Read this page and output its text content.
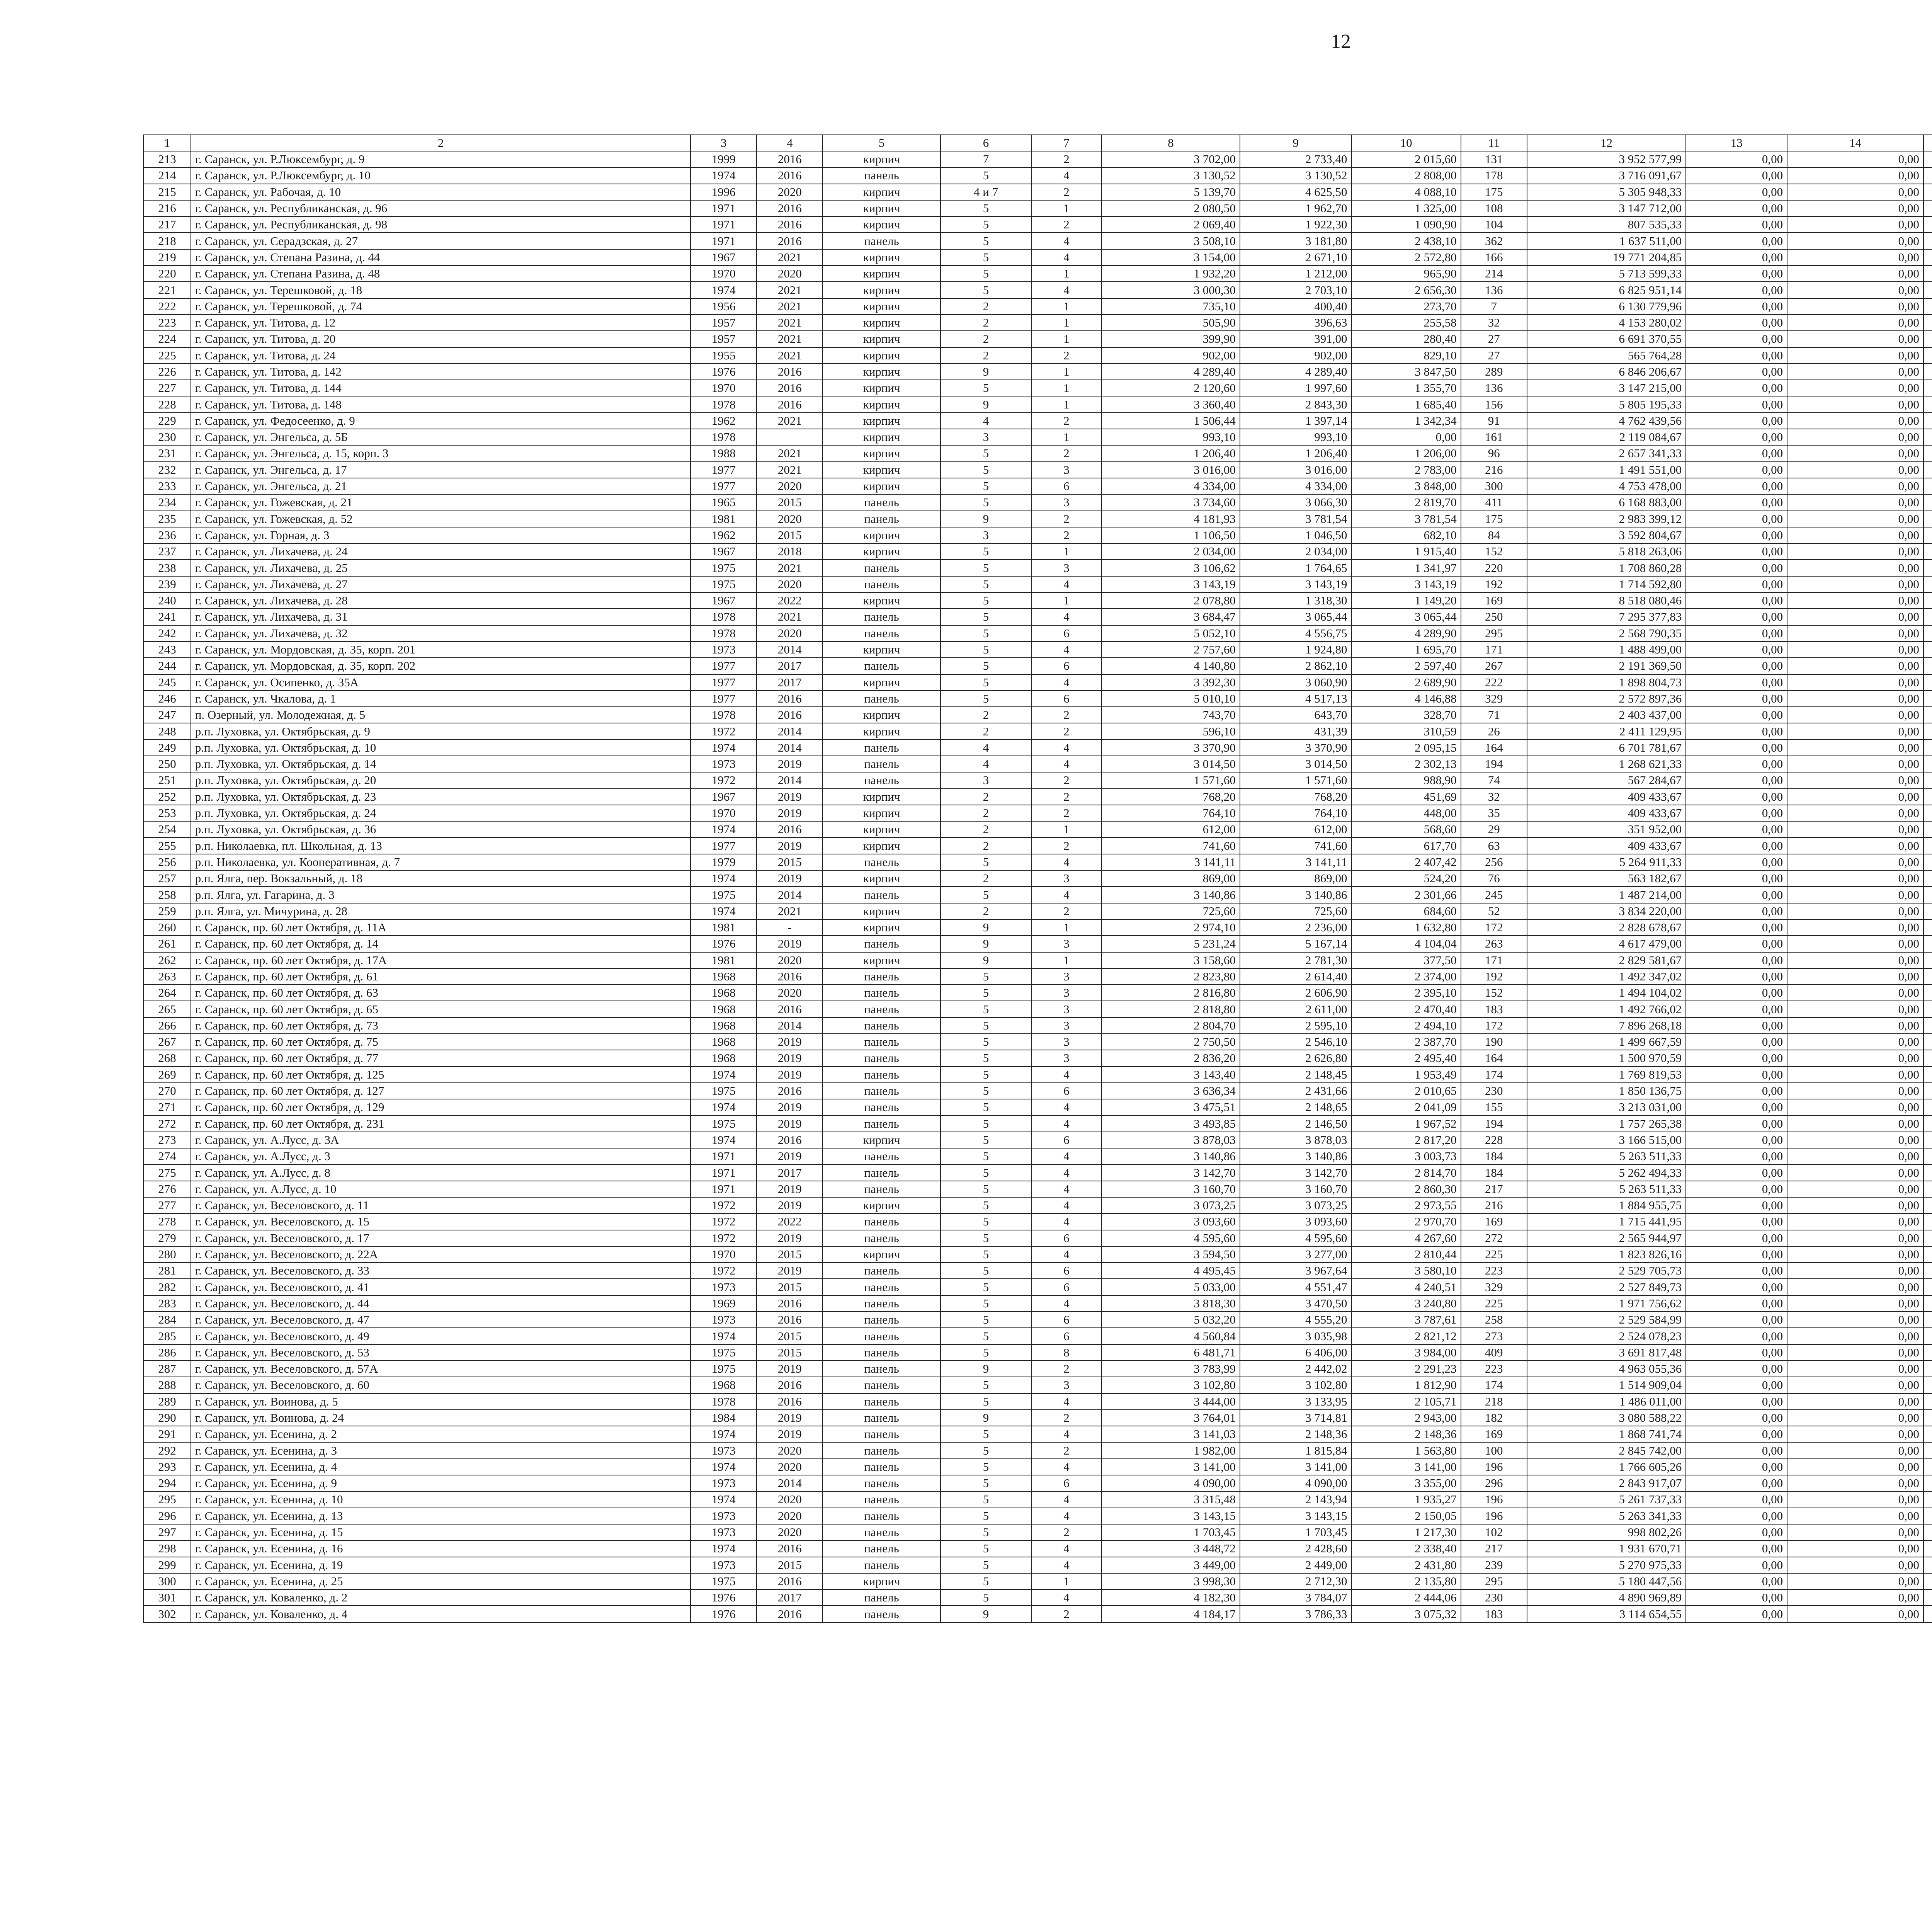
12
1	2	3	4	5	6	7	8	9	10	11	12	13	14					
213	г. Саранск, ул. Р.Люксембург, д. 9	1999	2016	кирпич	7	2	3 702,00	2 733,40	2 015,60	131	3 952 577,99	0,00	0,00					
214	г. Саранск, ул. Р.Люксембург, д. 10	1974	2016	панель	5	4	3 130,52	3 130,52	2 808,00	178	3 716 091,67	0,00	0,00					
215	г. Саранск, ул. Рабочая, д. 10	1996	2020	кирпич	4 и 7	2	5 139,70	4 625,50	4 088,10	175	5 305 948,33	0,00	0,00					
216	г. Саранск, ул. Республиканская, д. 96	1971	2016	кирпич	5	1	2 080,50	1 962,70	1 325,00	108	3 147 712,00	0,00	0,00					
217	г. Саранск, ул. Республиканская, д. 98	1971	2016	кирпич	5	2	2 069,40	1 922,30	1 090,90	104	807 535,33	0,00	0,00					
218	г. Саранск, ул. Серадзская, д. 27	1971	2016	панель	5	4	3 508,10	3 181,80	2 438,10	362	1 637 511,00	0,00	0,00					
219	г. Саранск, ул. Степана Разина, д. 44	1967	2021	кирпич	5	4	3 154,00	2 671,10	2 572,80	166	19 771 204,85	0,00	0,00					
220	г. Саранск, ул. Степана Разина, д. 48	1970	2020	кирпич	5	1	1 932,20	1 212,00	965,90	214	5 713 599,33	0,00	0,00					
221	г. Саранск, ул. Терешковой, д. 18	1974	2021	кирпич	5	4	3 000,30	2 703,10	2 656,30	136	6 825 951,14	0,00	0,00					
222	г. Саранск, ул. Терешковой, д. 74	1956	2021	кирпич	2	1	735,10	400,40	273,70	7	6 130 779,96	0,00	0,00					
223	г. Саранск, ул. Титова, д. 12	1957	2021	кирпич	2	1	505,90	396,63	255,58	32	4 153 280,02	0,00	0,00					
224	г. Саранск, ул. Титова, д. 20	1957	2021	кирпич	2	1	399,90	391,00	280,40	27	6 691 370,55	0,00	0,00					
225	г. Саранск, ул. Титова, д. 24	1955	2021	кирпич	2	2	902,00	902,00	829,10	27	565 764,28	0,00	0,00					
226	г. Саранск, ул. Титова, д. 142	1976	2016	кирпич	9	1	4 289,40	4 289,40	3 847,50	289	6 846 206,67	0,00	0,00					
227	г. Саранск, ул. Титова, д. 144	1970	2016	кирпич	5	1	2 120,60	1 997,60	1 355,70	136	3 147 215,00	0,00	0,00					
228	г. Саранск, ул. Титова, д. 148	1978	2016	кирпич	9	1	3 360,40	2 843,30	1 685,40	156	5 805 195,33	0,00	0,00					
229	г. Саранск, ул. Федосеенко, д. 9	1962	2021	кирпич	4	2	1 506,44	1 397,14	1 342,34	91	4 762 439,56	0,00	0,00					
230	г. Саранск, ул. Энгельса, д. 5Б	1978		кирпич	3	1	993,10	993,10	0,00	161	2 119 084,67	0,00	0,00					
231	г. Саранск, ул. Энгельса, д. 15, корп. 3	1988	2021	кирпич	5	2	1 206,40	1 206,40	1 206,00	96	2 657 341,33	0,00	0,00					
232	г. Саранск, ул. Энгельса, д. 17	1977	2021	кирпич	5	3	3 016,00	3 016,00	2 783,00	216	1 491 551,00	0,00	0,00					
233	г. Саранск, ул. Энгельса, д. 21	1977	2020	кирпич	5	6	4 334,00	4 334,00	3 848,00	300	4 753 478,00	0,00	0,00					
234	г. Саранск, ул. Гожевская, д. 21	1965	2015	панель	5	3	3 734,60	3 066,30	2 819,70	411	6 168 883,00	0,00	0,00					
235	г. Саранск, ул. Гожевская, д. 52	1981	2020	панель	9	2	4 181,93	3 781,54	3 781,54	175	2 983 399,12	0,00	0,00					
236	г. Саранск, ул. Горная, д. 3	1962	2015	кирпич	3	2	1 106,50	1 046,50	682,10	84	3 592 804,67	0,00	0,00					
237	г. Саранск, ул. Лихачева, д. 24	1967	2018	кирпич	5	1	2 034,00	2 034,00	1 915,40	152	5 818 263,06	0,00	0,00					
238	г. Саранск, ул. Лихачева, д. 25	1975	2021	панель	5	3	3 106,62	1 764,65	1 341,97	220	1 708 860,28	0,00	0,00					
239	г. Саранск, ул. Лихачева, д. 27	1975	2020	панель	5	4	3 143,19	3 143,19	3 143,19	192	1 714 592,80	0,00	0,00					
240	г. Саранск, ул. Лихачева, д. 28	1967	2022	кирпич	5	1	2 078,80	1 318,30	1 149,20	169	8 518 080,46	0,00	0,00					
241	г. Саранск, ул. Лихачева, д. 31	1978	2021	панель	5	4	3 684,47	3 065,44	3 065,44	250	7 295 377,83	0,00	0,00					
242	г. Саранск, ул. Лихачева, д. 32	1978	2020	панель	5	6	5 052,10	4 556,75	4 289,90	295	2 568 790,35	0,00	0,00					
243	г. Саранск, ул. Мордовская, д. 35, корп. 201	1973	2014	кирпич	5	4	2 757,60	1 924,80	1 695,70	171	1 488 499,00	0,00	0,00					
244	г. Саранск, ул. Мордовская, д. 35, корп. 202	1977	2017	панель	5	6	4 140,80	2 862,10	2 597,40	267	2 191 369,50	0,00	0,00					
245	г. Саранск, ул. Осипенко, д. 35А	1977	2017	кирпич	5	4	3 392,30	3 060,90	2 689,90	222	1 898 804,73	0,00	0,00					
246	г. Саранск, ул. Чкалова, д. 1	1977	2016	панель	5	6	5 010,10	4 517,13	4 146,88	329	2 572 897,36	0,00	0,00					
247	п. Озерный, ул. Молодежная, д. 5	1978	2016	кирпич	2	2	743,70	643,70	328,70	71	2 403 437,00	0,00	0,00					
248	р.п. Луховка, ул. Октябрьская, д. 9	1972	2014	кирпич	2	2	596,10	431,39	310,59	26	2 411 129,95	0,00	0,00					
249	р.п. Луховка, ул. Октябрьская, д. 10	1974	2014	панель	4	4	3 370,90	3 370,90	2 095,15	164	6 701 781,67	0,00	0,00					
250	р.п. Луховка, ул. Октябрьская, д. 14	1973	2019	панель	4	4	3 014,50	3 014,50	2 302,13	194	1 268 621,33	0,00	0,00					
251	р.п. Луховка, ул. Октябрьская, д. 20	1972	2014	панель	3	2	1 571,60	1 571,60	988,90	74	567 284,67	0,00	0,00					
252	р.п. Луховка, ул. Октябрьская, д. 23	1967	2019	кирпич	2	2	768,20	768,20	451,69	32	409 433,67	0,00	0,00					
253	р.п. Луховка, ул. Октябрьская, д. 24	1970	2019	кирпич	2	2	764,10	764,10	448,00	35	409 433,67	0,00	0,00					
254	р.п. Луховка, ул. Октябрьская, д. 36	1974	2016	кирпич	2	1	612,00	612,00	568,60	29	351 952,00	0,00	0,00					
255	р.п. Николаевка, пл. Школьная, д. 13	1977	2019	кирпич	2	2	741,60	741,60	617,70	63	409 433,67	0,00	0,00					
256	р.п. Николаевка, ул. Кооперативная, д. 7	1979	2015	панель	5	4	3 141,11	3 141,11	2 407,42	256	5 264 911,33	0,00	0,00					
257	р.п. Ялга, пер. Вокзальный, д. 18	1974	2019	кирпич	2	3	869,00	869,00	524,20	76	563 182,67	0,00	0,00					
258	р.п. Ялга, ул. Гагарина, д. 3	1975	2014	панель	5	4	3 140,86	3 140,86	2 301,66	245	1 487 214,00	0,00	0,00					
259	р.п. Ялга, ул. Мичурина, д. 28	1974	2021	кирпич	2	2	725,60	725,60	684,60	52	3 834 220,00	0,00	0,00					
260	г. Саранск, пр. 60 лет Октября, д. 11А	1981	-	кирпич	9	1	2 974,10	2 236,00	1 632,80	172	2 828 678,67	0,00	0,00					
261	г. Саранск, пр. 60 лет Октября, д. 14	1976	2019	панель	9	3	5 231,24	5 167,14	4 104,04	263	4 617 479,00	0,00	0,00					
262	г. Саранск, пр. 60 лет Октября, д. 17А	1981	2020	кирпич	9	1	3 158,60	2 781,30	377,50	171	2 829 581,67	0,00	0,00					
263	г. Саранск, пр. 60 лет Октября, д. 61	1968	2016	панель	5	3	2 823,80	2 614,40	2 374,00	192	1 492 347,02	0,00	0,00					
264	г. Саранск, пр. 60 лет Октября, д. 63	1968	2020	панель	5	3	2 816,80	2 606,90	2 395,10	152	1 494 104,02	0,00	0,00					
265	г. Саранск, пр. 60 лет Октября, д. 65	1968	2016	панель	5	3	2 818,80	2 611,00	2 470,40	183	1 492 766,02	0,00	0,00					
266	г. Саранск, пр. 60 лет Октября, д. 73	1968	2014	панель	5	3	2 804,70	2 595,10	2 494,10	172	7 896 268,18	0,00	0,00					
267	г. Саранск, пр. 60 лет Октября, д. 75	1968	2019	панель	5	3	2 750,50	2 546,10	2 387,70	190	1 499 667,59	0,00	0,00					
268	г. Саранск, пр. 60 лет Октября, д. 77	1968	2019	панель	5	3	2 836,20	2 626,80	2 495,40	164	1 500 970,59	0,00	0,00					
269	г. Саранск, пр. 60 лет Октября, д. 125	1974	2019	панель	5	4	3 143,40	2 148,45	1 953,49	174	1 769 819,53	0,00	0,00					
270	г. Саранск, пр. 60 лет Октября, д. 127	1975	2016	панель	5	6	3 636,34	2 431,66	2 010,65	230	1 850 136,75	0,00	0,00					
271	г. Саранск, пр. 60 лет Октября, д. 129	1974	2019	панель	5	4	3 475,51	2 148,65	2 041,09	155	3 213 031,00	0,00	0,00					
272	г. Саранск, пр. 60 лет Октября, д. 231	1975	2019	панель	5	4	3 493,85	2 146,50	1 967,52	194	1 757 265,38	0,00	0,00					
273	г. Саранск, ул. А.Лусс, д. 3А	1974	2016	кирпич	5	6	3 878,03	3 878,03	2 817,20	228	3 166 515,00	0,00	0,00					
274	г. Саранск, ул. А.Лусс, д. 3	1971	2019	панель	5	4	3 140,86	3 140,86	3 003,73	184	5 263 511,33	0,00	0,00					
275	г. Саранск, ул. А.Лусс, д. 8	1971	2017	панель	5	4	3 142,70	3 142,70	2 814,70	184	5 262 494,33	0,00	0,00					
276	г. Саранск, ул. А.Лусс, д. 10	1971	2019	панель	5	4	3 160,70	3 160,70	2 860,30	217	5 263 511,33	0,00	0,00					
277	г. Саранск, ул. Веселовского, д. 11	1972	2019	кирпич	5	4	3 073,25	3 073,25	2 973,55	216	1 884 955,75	0,00	0,00					
278	г. Саранск, ул. Веселовского, д. 15	1972	2022	панель	5	4	3 093,60	3 093,60	2 970,70	169	1 715 441,95	0,00	0,00					
279	г. Саранск, ул. Веселовского, д. 17	1972	2019	панель	5	6	4 595,60	4 595,60	4 267,60	272	2 565 944,97	0,00	0,00					
280	г. Саранск, ул. Веселовского, д. 22А	1970	2015	кирпич	5	4	3 594,50	3 277,00	2 810,44	225	1 823 826,16	0,00	0,00					
281	г. Саранск, ул. Веселовского, д. 33	1972	2019	панель	5	6	4 495,45	3 967,64	3 580,10	223	2 529 705,73	0,00	0,00					
282	г. Саранск, ул. Веселовского, д. 41	1973	2015	панель	5	6	5 033,00	4 551,47	4 240,51	329	2 527 849,73	0,00	0,00					
283	г. Саранск, ул. Веселовского, д. 44	1969	2016	панель	5	4	3 818,30	3 470,50	3 240,80	225	1 971 756,62	0,00	0,00					
284	г. Саранск, ул. Веселовского, д. 47	1973	2016	панель	5	6	5 032,20	4 555,20	3 787,61	258	2 529 584,99	0,00	0,00					
285	г. Саранск, ул. Веселовского, д. 49	1974	2015	панель	5	6	4 560,84	3 035,98	2 821,12	273	2 524 078,23	0,00	0,00					
286	г. Саранск, ул. Веселовского, д. 53	1975	2015	панель	5	8	6 481,71	6 406,00	3 984,00	409	3 691 817,48	0,00	0,00					
287	г. Саранск, ул. Веселовского, д. 57А	1975	2019	панель	9	2	3 783,99	2 442,02	2 291,23	223	4 963 055,36	0,00	0,00					
288	г. Саранск, ул. Веселовского, д. 60	1968	2016	панель	5	3	3 102,80	3 102,80	1 812,90	174	1 514 909,04	0,00	0,00					
289	г. Саранск, ул. Воинова, д. 5	1978	2016	панель	5	4	3 444,00	3 133,95	2 105,71	218	1 486 011,00	0,00	0,00					
290	г. Саранск, ул. Воинова, д. 24	1984	2019	панель	9	2	3 764,01	3 714,81	2 943,00	182	3 080 588,22	0,00	0,00					
291	г. Саранск, ул. Есенина, д. 2	1974	2019	панель	5	4	3 141,03	2 148,36	2 148,36	169	1 868 741,74	0,00	0,00					
292	г. Саранск, ул. Есенина, д. 3	1973	2020	панель	5	2	1 982,00	1 815,84	1 563,80	100	2 845 742,00	0,00	0,00					
293	г. Саранск, ул. Есенина, д. 4	1974	2020	панель	5	4	3 141,00	3 141,00	3 141,00	196	1 766 605,26	0,00	0,00					
294	г. Саранск, ул. Есенина, д. 9	1973	2014	панель	5	6	4 090,00	4 090,00	3 355,00	296	2 843 917,07	0,00	0,00					
295	г. Саранск, ул. Есенина, д. 10	1974	2020	панель	5	4	3 315,48	2 143,94	1 935,27	196	5 261 737,33	0,00	0,00					
296	г. Саранск, ул. Есенина, д. 13	1973	2020	панель	5	4	3 143,15	3 143,15	2 150,05	196	5 263 341,33	0,00	0,00					
297	г. Саранск, ул. Есенина, д. 15	1973	2020	панель	5	2	1 703,45	1 703,45	1 217,30	102	998 802,26	0,00	0,00					
298	г. Саранск, ул. Есенина, д. 16	1974	2016	панель	5	4	3 448,72	2 428,60	2 338,40	217	1 931 670,71	0,00	0,00					
299	г. Саранск, ул. Есенина, д. 19	1973	2015	панель	5	4	3 449,00	2 449,00	2 431,80	239	5 270 975,33	0,00	0,00					
300	г. Саранск, ул. Есенина, д. 25	1975	2016	кирпич	5	1	3 998,30	2 712,30	2 135,80	295	5 180 447,56	0,00	0,00					
301	г. Саранск, ул. Коваленко, д. 2	1976	2017	панель	5	4	4 182,30	3 784,07	2 444,06	230	4 890 969,89	0,00	0,00					
302	г. Саранск, ул. Коваленко, д. 4	1976	2016	панель	9	2	4 184,17	3 786,33	3 075,32	183	3 114 654,55	0,00	0,00					
